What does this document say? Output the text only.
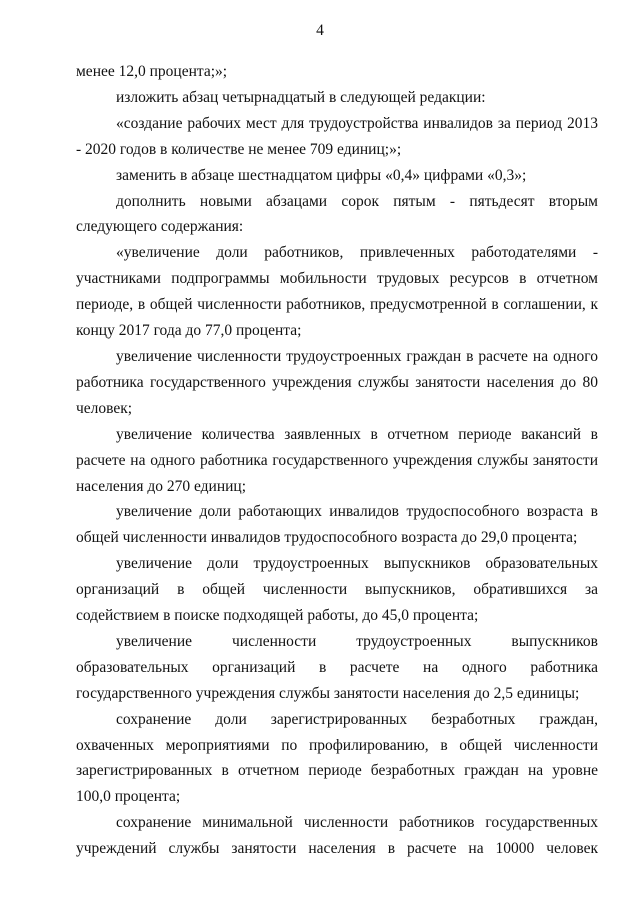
4

менее 12,0 процента;»;

изложить абзац четырнадцатый в следующей редакции:

«создание рабочих мест для трудоустройства инвалидов за период 2013 - 2020 годов в количестве не менее 709 единиц;»;

заменить в абзаце шестнадцатом цифры «0,4» цифрами «0,3»;

дополнить новыми абзацами сорок пятым - пятьдесят вторым следующего содержания:

«увеличение доли работников, привлеченных работодателями - участниками подпрограммы мобильности трудовых ресурсов в отчетном периоде, в общей численности работников, предусмотренной в соглашении, к концу 2017 года до 77,0 процента;

увеличение численности трудоустроенных граждан в расчете на одного работника государственного учреждения службы занятости населения до 80 человек;

увеличение количества заявленных в отчетном периоде вакансий в расчете на одного работника государственного учреждения службы занятости населения до 270 единиц;

увеличение доли работающих инвалидов трудоспособного возраста в общей численности инвалидов трудоспособного возраста до 29,0 процента;

увеличение доли трудоустроенных выпускников образовательных организаций в общей численности выпускников, обратившихся за содействием в поиске подходящей работы, до 45,0 процента;

увеличение численности трудоустроенных выпускников образовательных организаций в расчете на одного работника государственного учреждения службы занятости населения до 2,5 единицы;

сохранение доли зарегистрированных безработных граждан, охваченных мероприятиями по профилированию, в общей численности зарегистрированных в отчетном периоде безработных граждан на уровне 100,0 процента;

сохранение минимальной численности работников государственных учреждений службы занятости населения в расчете на 10000 человек
